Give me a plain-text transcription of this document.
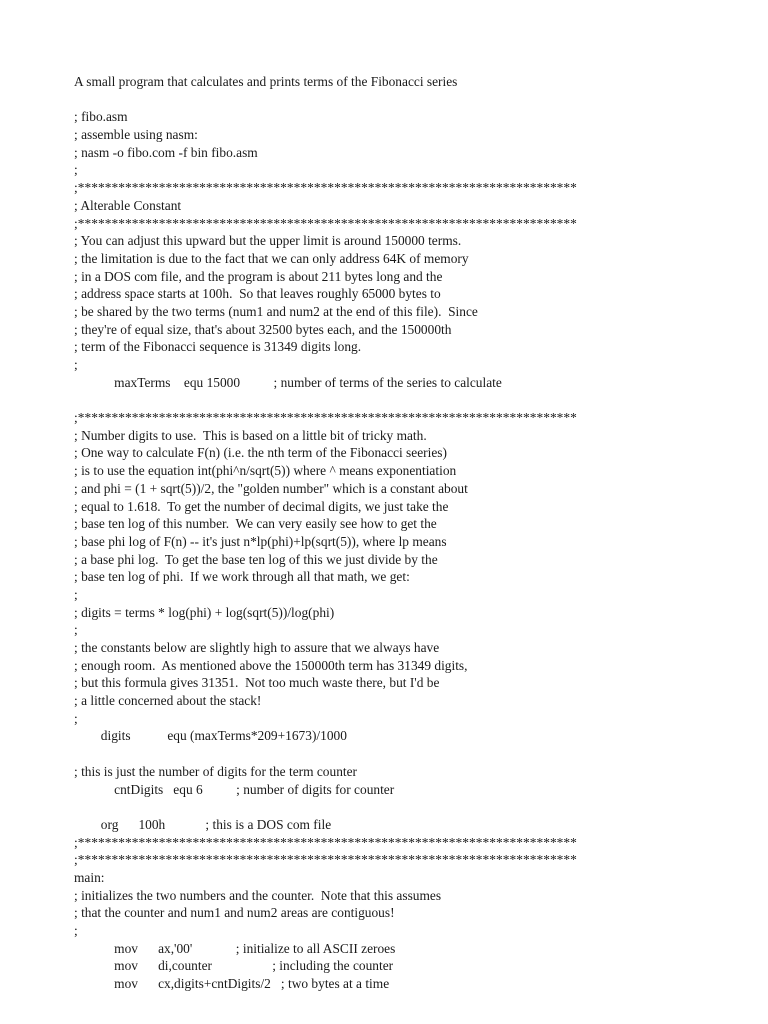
A small program that calculates and prints terms of the Fibonacci series
; fibo.asm
; assemble using nasm:
; nasm -o fibo.com -f bin fibo.asm
;
;**************************************************************************
; Alterable Constant
;**************************************************************************
; You can adjust this upward but the upper limit is around 150000 terms.
; the limitation is due to the fact that we can only address 64K of memory
; in a DOS com file, and the program is about 211 bytes long and the
; address space starts at 100h.  So that leaves roughly 65000 bytes to
; be shared by the two terms (num1 and num2 at the end of this file).  Since
; they're of equal size, that's about 32500 bytes each, and the 150000th
; term of the Fibonacci sequence is 31349 digits long.
;
maxTerms    equ 15000          ; number of terms of the series to calculate
;**************************************************************************
; Number digits to use.  This is based on a little bit of tricky math.
; One way to calculate F(n) (i.e. the nth term of the Fibonacci seeries)
; is to use the equation int(phi^n/sqrt(5)) where ^ means exponentiation
; and phi = (1 + sqrt(5))/2, the "golden number" which is a constant about
; equal to 1.618.  To get the number of decimal digits, we just take the
; base ten log of this number.  We can very easily see how to get the
; base phi log of F(n) -- it's just n*lp(phi)+lp(sqrt(5)), where lp means
; a base phi log.  To get the base ten log of this we just divide by the
; base ten log of phi.  If we work through all that math, we get:
;
; digits = terms * log(phi) + log(sqrt(5))/log(phi)
;
; the constants below are slightly high to assure that we always have
; enough room.  As mentioned above the 150000th term has 31349 digits,
; but this formula gives 31351.  Not too much waste there, but I'd be
; a little concerned about the stack!
;
digits           equ (maxTerms*209+1673)/1000
; this is just the number of digits for the term counter
cntDigits   equ 6          ; number of digits for counter
org      100h            ; this is a DOS com file
;**************************************************************************
;**************************************************************************
main:
; initializes the two numbers and the counter.  Note that this assumes
; that the counter and num1 and num2 areas are contiguous!
;
mov      ax,'00'             ; initialize to all ASCII zeroes
mov      di,counter                  ; including the counter
mov      cx,digits+cntDigits/2   ; two bytes at a time
